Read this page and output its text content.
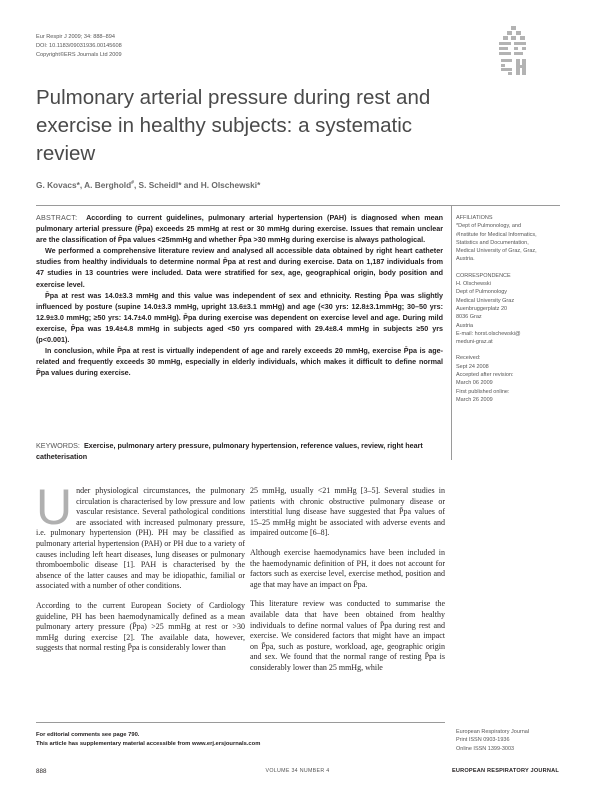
Eur Respir J 2009; 34: 888–894
DOI: 10.1183/09031936.00145608
Copyright©ERS Journals Ltd 2009
Pulmonary arterial pressure during rest and exercise in healthy subjects: a systematic review
G. Kovacs*, A. Berghold#, S. Scheidl* and H. Olschewski*

ABSTRACT: According to current guidelines, pulmonary arterial hypertension (PAH) is diagnosed when mean pulmonary arterial pressure (P̄pa) exceeds 25 mmHg at rest or 30 mmHg during exercise. Issues that remain unclear are the classification of P̄pa values <25mmHg and whether P̄pa >30 mmHg during exercise is always pathological.

We performed a comprehensive literature review and analysed all accessible data obtained by right heart catheter studies from healthy individuals to determine normal P̄pa at rest and during exercise. Data on 1,187 individuals from 47 studies in 13 countries were included. Data were stratified for sex, age, geographical origin, body position and exercise level.

P̄pa at rest was 14.0±3.3 mmHg and this value was independent of sex and ethnicity. Resting P̄pa was slightly influenced by posture (supine 14.0±3.3 mmHg, upright 13.6±3.1 mmHg) and age (<30 yrs: 12.8±3.1mmHg; 30–50 yrs: 12.9±3.0 mmHg; ≥50 yrs: 14.7±4.0 mmHg). P̄pa during exercise was dependent on exercise level and age. During mild exercise, P̄pa was 19.4±4.8 mmHg in subjects aged <50 yrs compared with 29.4±8.4 mmHg in subjects ≥50 yrs (p<0.001).

In conclusion, while P̄pa at rest is virtually independent of age and rarely exceeds 20 mmHg, exercise P̄pa is age-related and frequently exceeds 30 mmHg, especially in elderly individuals, which makes it difficult to define normal P̄pa values during exercise.

AFFILIATIONS
*Dept of Pulmonology, and
#Institute for Medical Informatics,
Statistics and Documentation,
Medical University of Graz, Graz,
Austria.
CORRESPONDENCE
H. Olschewski
Dept of Pulmonology
Medical University Graz
Auenbruggerplatz 20
8036 Graz
Austria
E-mail: horst.olschewski@
meduni-graz.at
Received:
Sept 24 2008
Accepted after revision:
March 06 2009
First published online:
March 26 2009
KEYWORDS: Exercise, pulmonary artery pressure, pulmonary hypertension, reference values, review, right heart catheterisation

Under physiological circumstances, the pulmonary circulation is characterised by low pressure and low vascular resistance. Several pathological conditions are associated with increased pulmonary pressure, i.e. pulmonary hypertension (PH). PH may be classified as pulmonary arterial hypertension (PAH) or PH due to a variety of causes including left heart diseases, lung diseases or pulmonary thromboembolic disease [1]. PAH is characterised by the absence of the latter causes and may be idiopathic, familial or associated with a number of other conditions.

According to the current European Society of Cardiology guideline, PH has been haemodynamically defined as a mean pulmonary artery pressure (P̄pa) >25 mmHg at rest or >30 mmHg during exercise [2]. The available data, however, suggests that normal resting P̄pa is considerably lower than

25 mmHg, usually <21 mmHg [3–5]. Several studies in patients with chronic obstructive pulmonary disease or interstitial lung disease have suggested that P̄pa values of 15–25 mmHg might be associated with adverse events and impaired outcome [6–8].

Although exercise haemodynamics have been included in the haemodynamic definition of PH, it does not account for factors such as exercise level, exercise method, position and age that may have an impact on P̄pa.

This literature review was conducted to summarise the available data that have been obtained from healthy individuals to define normal values of P̄pa during rest and exercise. We considered factors that might have an impact on P̄pa, such as posture, workload, age, geographic origin and sex. We found that the normal range of resting P̄pa is considerably lower than 25 mmHg, while

For editorial comments see page 790.
This article has supplementary material accessible from www.erj.ersjournals.com
European Respiratory Journal
Print ISSN 0903-1936
Online ISSN 1399-3003
888	VOLUME 34 NUMBER 4	EUROPEAN RESPIRATORY JOURNAL
